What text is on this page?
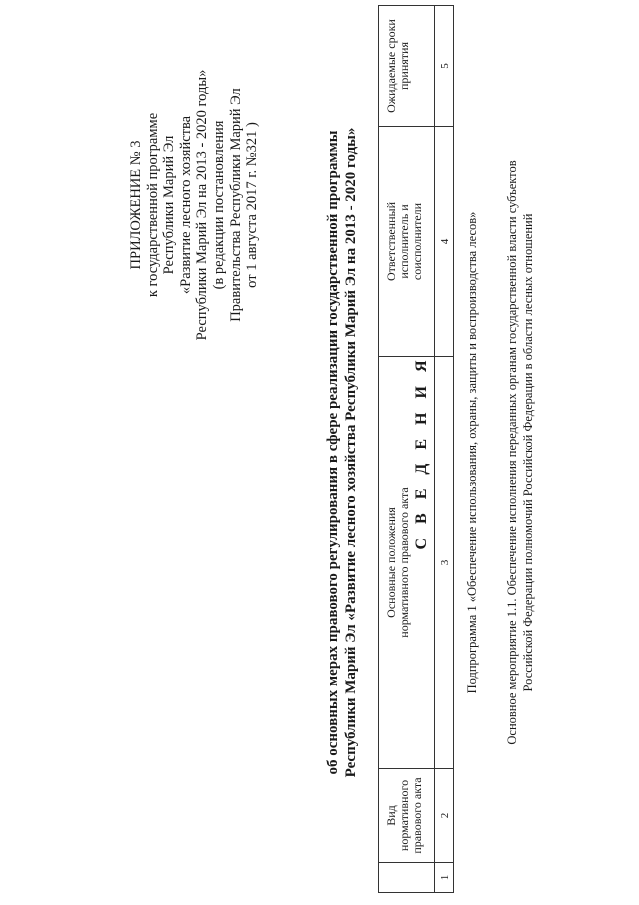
ПРИЛОЖЕНИЕ № 3 к государственной программе Республики Марий Эл «Развитие лесного хозяйства Республики Марий Эл на 2013 - 2020 годы» (в редакции постановления Правительства Республики Марий Эл от 1 августа 2017 г. №321 )
С В Е Д Е Н И Я
об основных мерах правового регулирования в сфере реализации государственной программы Республики Марий Эл «Развитие лесного хозяйства Республики Марий Эл на 2013 - 2020 годы»
1
Вид нормативного правового акта 2
Основные положения нормативного правового акта	3
Ответственный исполнитель и соисполнители 4
Ожидаемые сроки принятия	5
Подпрограмма 1 «Обеспечение использования, охраны, защиты и воспроизводства лесов» Основное мероприятие 1.1. Обеспечение исполнения переданных органам государственной власти субъектов Российской Федерации полномочий Российской Федерации в области лесных отношений
